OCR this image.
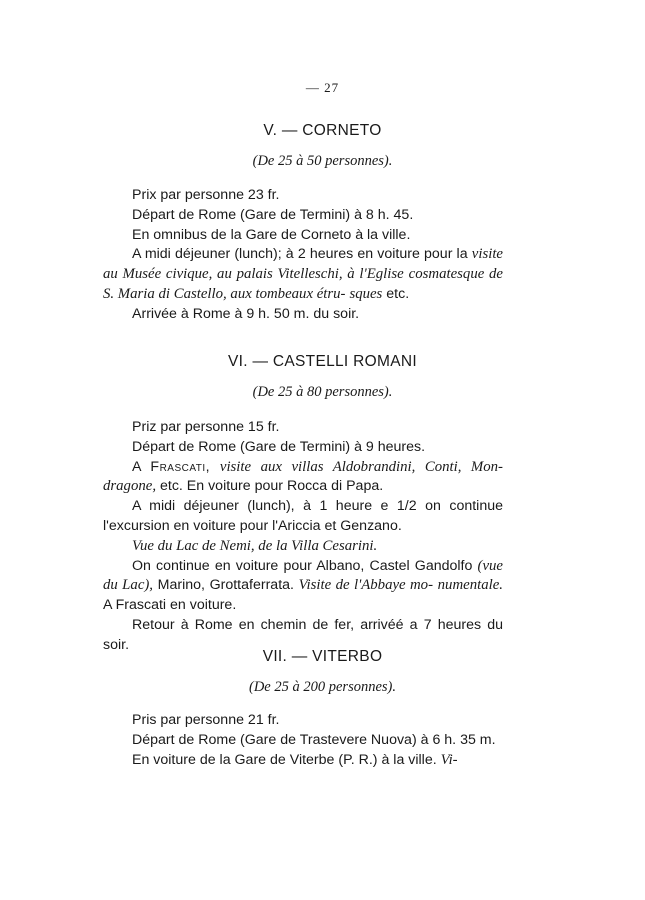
— 27
V. — CORNETO
(De 25 à 50 personnes).

Prix par personne 23 fr.

Départ de Rome (Gare de Termini) à 8 h. 45.

En omnibus de la Gare de Corneto à la ville.

A midi déjeuner (lunch); à 2 heures en voiture pour la visite au Musée civique, au palais Vitelleschi, à l'Eglise cosmatesque de S. Maria di Castello, aux tombeaux étru- sques etc.

Arrivée à Rome à 9 h. 50 m. du soir.

VI. — CASTELLI ROMANI
(De 25 à 80 personnes).

Priz par personne 15 fr.

Départ de Rome (Gare de Termini) à 9 heures.

A Frascati, visite aux villas Aldobrandini, Conti, Mon- dragone, etc. En voiture pour Rocca di Papa.

A midi déjeuner (lunch), à 1 heure e 1/2 on continue l'excursion en voiture pour l'Ariccia et Genzano.

Vue du Lac de Nemi, de la Villa Cesarini.

On continue en voiture pour Albano, Castel Gandolfo (vue du Lac), Marino, Grottaferrata. Visite de l'Abbaye mo- numentale. A Frascati en voiture.

Retour à Rome en chemin de fer, arrivéé a 7 heures du soir.

VII. — VITERBO
(De 25 à 200 personnes).

Pris par personne 21 fr.

Départ de Rome (Gare de Trastevere Nuova) à 6 h. 35 m.

En voiture de la Gare de Viterbe (P. R.) à la ville. Vi-
